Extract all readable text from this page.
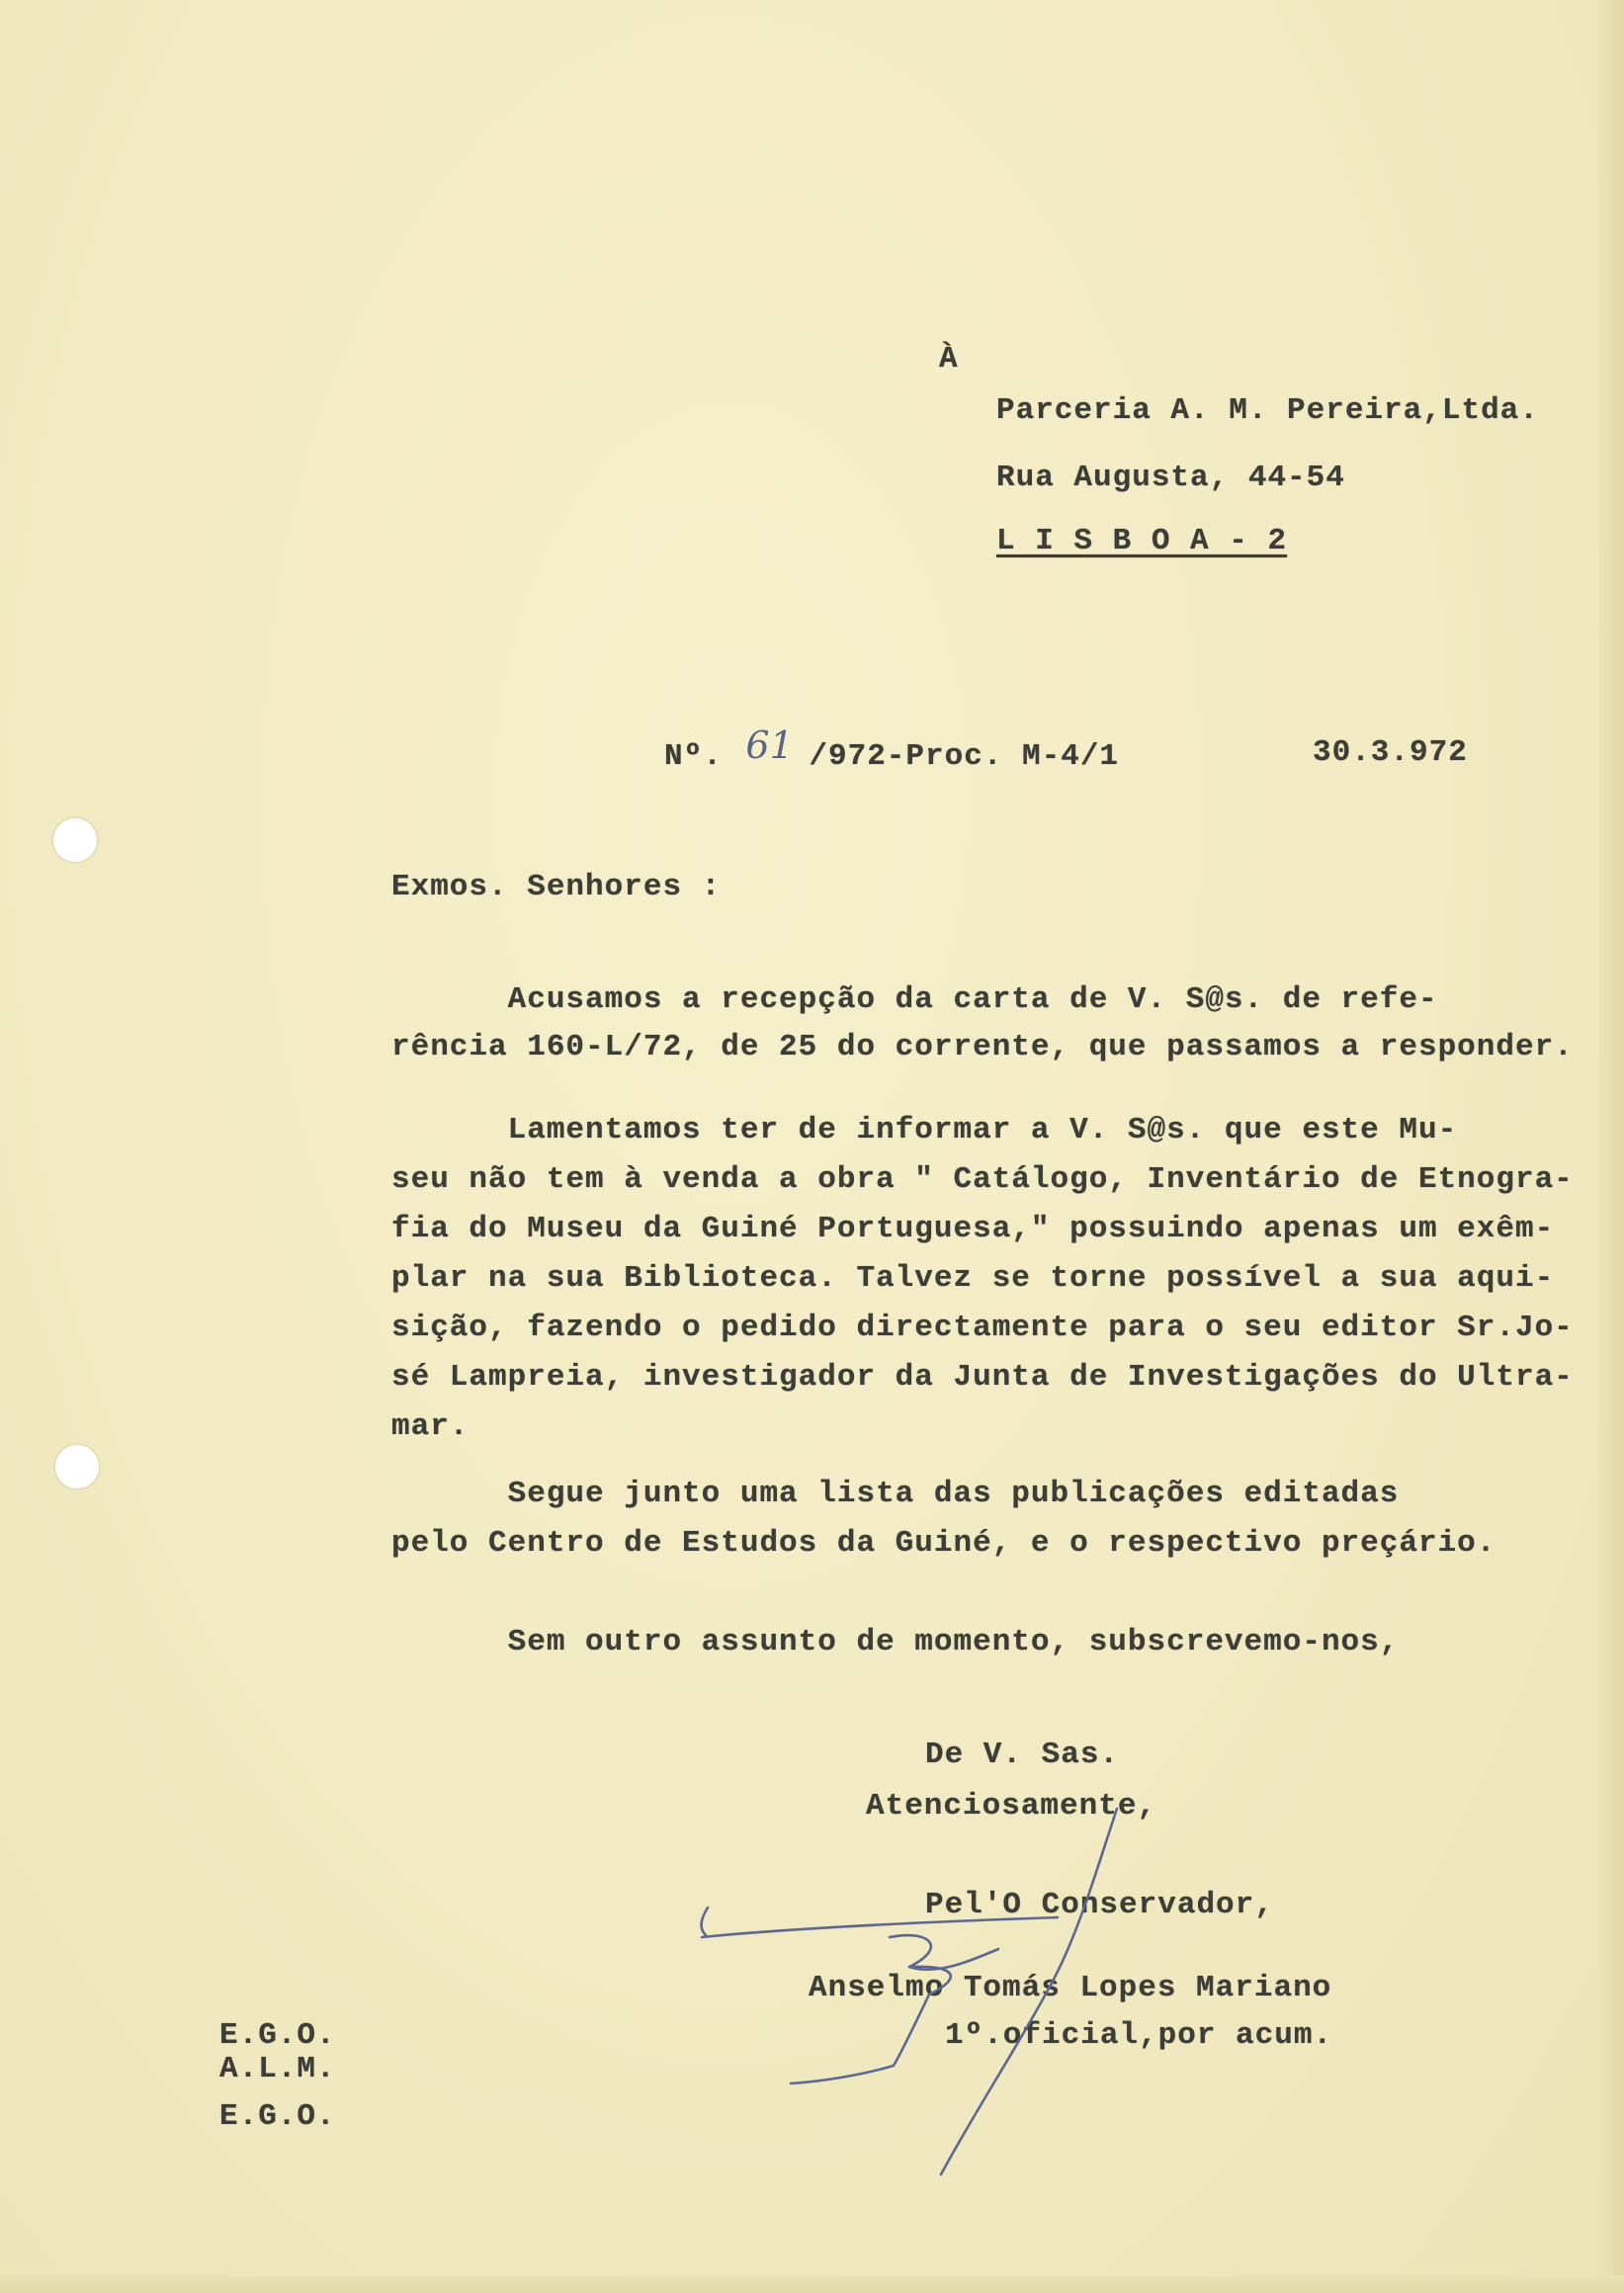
À
Parceria A. M. Pereira,Ltda.
Rua Augusta, 44-54
L I S B O A - 2
Nº. 61 /972-Proc. M-4/1	30.3.972
Exmos. Senhores :
Acusamos a recepção da carta de V. S@s. de refe-
rência 160-L/72, de 25 do corrente, que passamos a responder.
Lamentamos ter de informar a V. S@s. que este Mu-
seu não tem à venda a obra " Catálogo, Inventário de Etnogra-
fia do Museu da Guiné Portuguesa," possuindo apenas um exêm-
plar na sua Biblioteca. Talvez se torne possível a sua aqui-
sição, fazendo o pedido directamente para o seu editor Sr.Jo-
sé Lampreia, investigador da Junta de Investigações do Ultra-
mar.
Segue junto uma lista das publicações editadas
pelo Centro de Estudos da Guiné, e o respectivo preçário.
Sem outro assunto de momento, subscrevemo-nos,
De V. Sas.
Atenciosamente,
Pel'O Conservador,
Anselmo Tomás Lopes Mariano
1º.oficial,por acum.
E.G.O.
A.L.M.
E.G.O.
